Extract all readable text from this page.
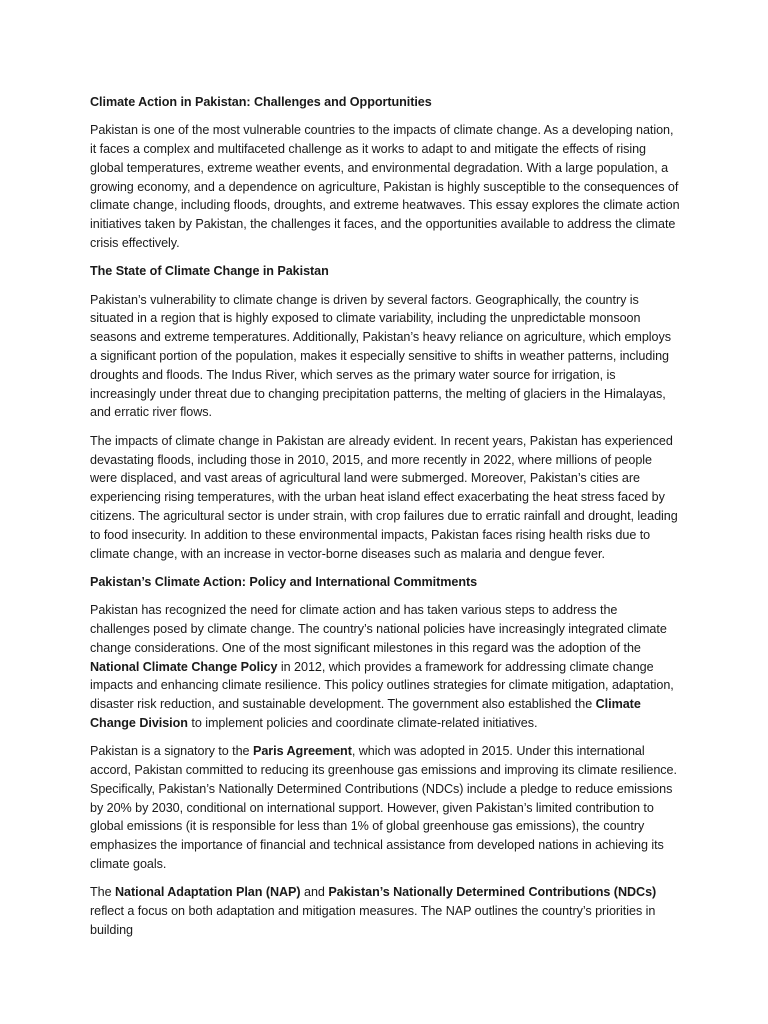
Climate Action in Pakistan: Challenges and Opportunities
Pakistan is one of the most vulnerable countries to the impacts of climate change. As a developing nation, it faces a complex and multifaceted challenge as it works to adapt to and mitigate the effects of rising global temperatures, extreme weather events, and environmental degradation. With a large population, a growing economy, and a dependence on agriculture, Pakistan is highly susceptible to the consequences of climate change, including floods, droughts, and extreme heatwaves. This essay explores the climate action initiatives taken by Pakistan, the challenges it faces, and the opportunities available to address the climate crisis effectively.
The State of Climate Change in Pakistan
Pakistan’s vulnerability to climate change is driven by several factors. Geographically, the country is situated in a region that is highly exposed to climate variability, including the unpredictable monsoon seasons and extreme temperatures. Additionally, Pakistan’s heavy reliance on agriculture, which employs a significant portion of the population, makes it especially sensitive to shifts in weather patterns, including droughts and floods. The Indus River, which serves as the primary water source for irrigation, is increasingly under threat due to changing precipitation patterns, the melting of glaciers in the Himalayas, and erratic river flows.
The impacts of climate change in Pakistan are already evident. In recent years, Pakistan has experienced devastating floods, including those in 2010, 2015, and more recently in 2022, where millions of people were displaced, and vast areas of agricultural land were submerged. Moreover, Pakistan’s cities are experiencing rising temperatures, with the urban heat island effect exacerbating the heat stress faced by citizens. The agricultural sector is under strain, with crop failures due to erratic rainfall and drought, leading to food insecurity. In addition to these environmental impacts, Pakistan faces rising health risks due to climate change, with an increase in vector-borne diseases such as malaria and dengue fever.
Pakistan’s Climate Action: Policy and International Commitments
Pakistan has recognized the need for climate action and has taken various steps to address the challenges posed by climate change. The country’s national policies have increasingly integrated climate change considerations. One of the most significant milestones in this regard was the adoption of the National Climate Change Policy in 2012, which provides a framework for addressing climate change impacts and enhancing climate resilience. This policy outlines strategies for climate mitigation, adaptation, disaster risk reduction, and sustainable development. The government also established the Climate Change Division to implement policies and coordinate climate-related initiatives.
Pakistan is a signatory to the Paris Agreement, which was adopted in 2015. Under this international accord, Pakistan committed to reducing its greenhouse gas emissions and improving its climate resilience. Specifically, Pakistan’s Nationally Determined Contributions (NDCs) include a pledge to reduce emissions by 20% by 2030, conditional on international support. However, given Pakistan’s limited contribution to global emissions (it is responsible for less than 1% of global greenhouse gas emissions), the country emphasizes the importance of financial and technical assistance from developed nations in achieving its climate goals.
The National Adaptation Plan (NAP) and Pakistan’s Nationally Determined Contributions (NDCs) reflect a focus on both adaptation and mitigation measures. The NAP outlines the country’s priorities in building
